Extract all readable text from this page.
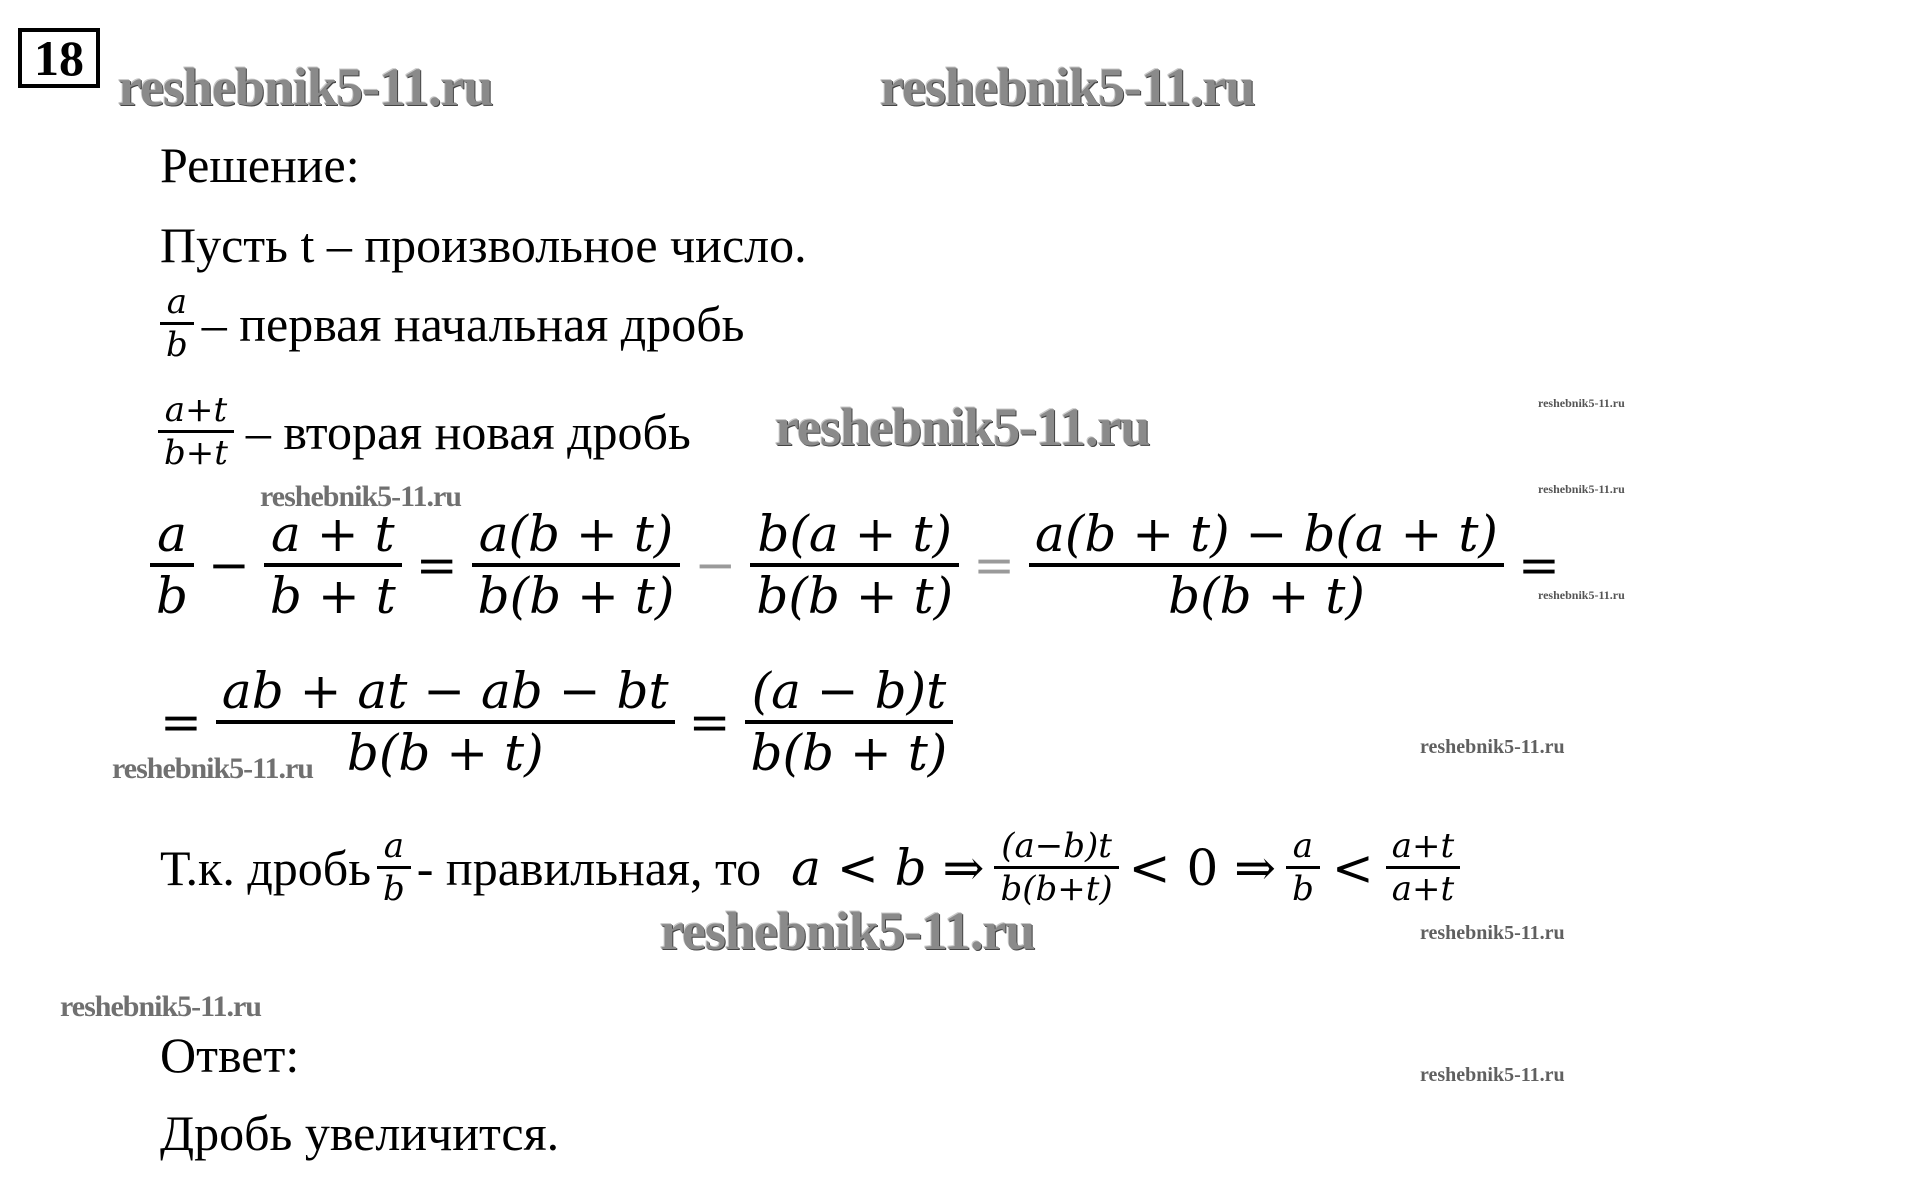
18 reshebnik5-11.ru	reshebnik5-11.ru
reshebnik5-11.ru
reshebnik5-11.ru
reshebnik5-11.ru
reshebnik5-11.ru
reshebnik5-11.ru
reshebnik5-11.ru
reshebnik5-11.ru
reshebnik5-11.ru
reshebnik5-11.ru
reshebnik5-11.ru
reshebnik5-11.ru
Решение:
Пусть t – произвольное число.
$\frac{a}{b}$ – первая начальная дробь
$\frac{a+t}{b+t}$ – вторая новая дробь
$\frac{a}{b} - \frac{a + t}{b + t} = \frac{a(b + t)}{b(b + t)} - \frac{b(a + t)}{b(b + t)} = \frac{a(b + t) - b(a + t)}{b(b + t)}$ =
= $\frac{ab + at - ab - bt}{b(b + t)} = \frac{(a - b)t}{b(b + t)}$
Т.к. дробь $\frac{a}{b}$ - правильная, то a < b ⇒ $\frac{(a-b)t}{b(b+t)} < 0$ ⇒ $\frac{a}{b} < \frac{a+t}{a+t}$
Ответ:
Дробь увеличится.
